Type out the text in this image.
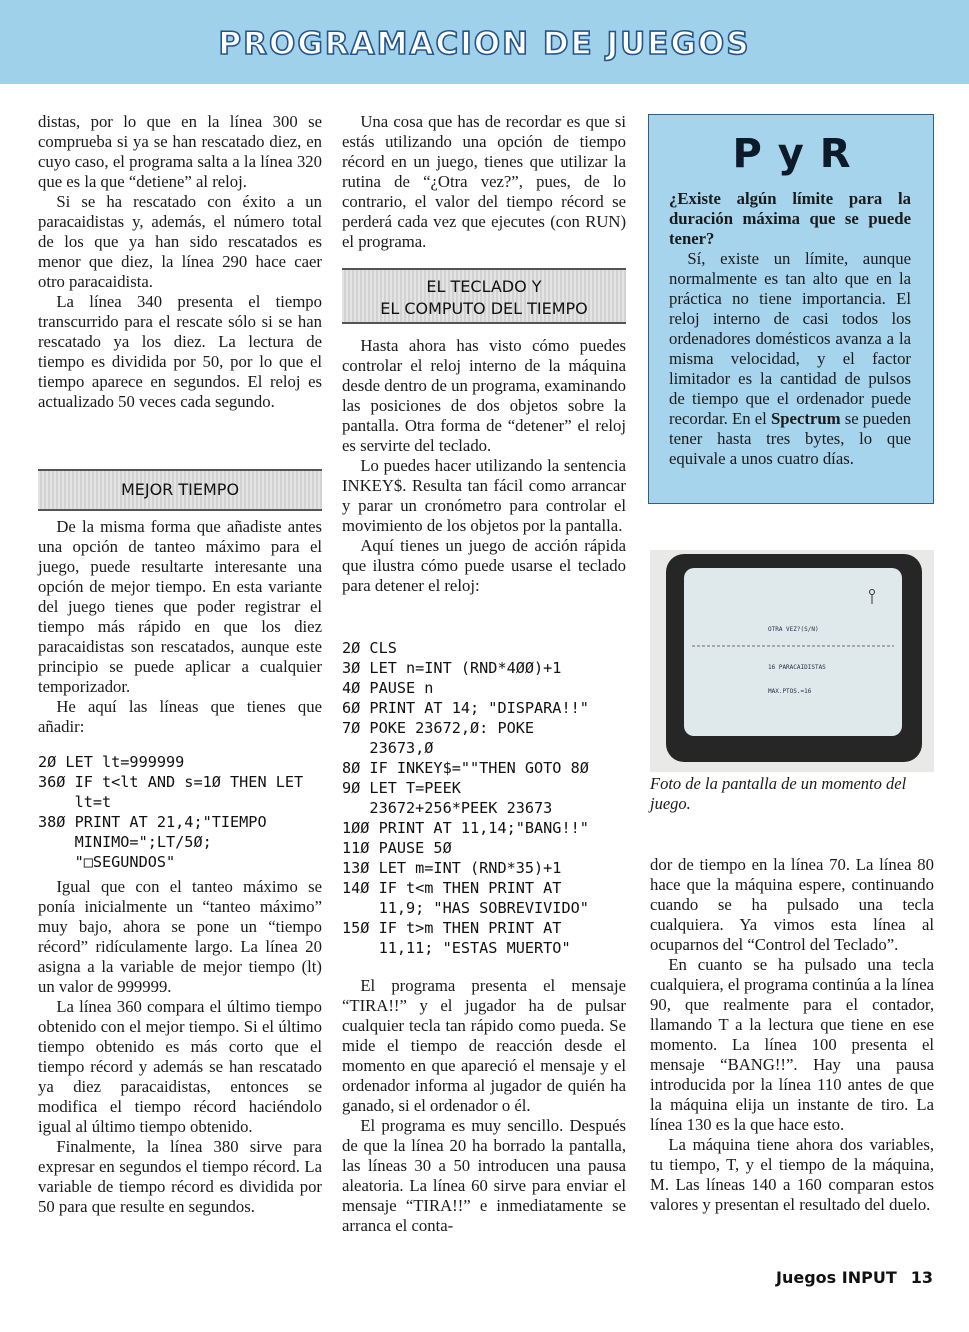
PROGRAMACION DE JUEGOS

distas, por lo que en la línea 300 se comprueba si ya se han rescatado diez, en cuyo caso, el programa salta a la línea 320 que es la que “detiene” al reloj.

Si se ha rescatado con éxito a un paracaidistas y, además, el número total de los que ya han sido rescatados es menor que diez, la línea 290 hace caer otro paracaidista.

La línea 340 presenta el tiempo transcurrido para el rescate sólo si se han rescatado ya los diez. La lectura de tiempo es dividida por 50, por lo que el tiempo aparece en segundos. El reloj es actualizado 50 veces cada segundo.

MEJOR TIEMPO

De la misma forma que añadiste antes una opción de tanteo máximo para el juego, puede resultarte interesante una opción de mejor tiempo. En esta variante del juego tienes que poder registrar el tiempo más rápido en que los diez paracaidistas son rescatados, aunque este principio se puede aplicar a cualquier temporizador.

He aquí las líneas que tienes que añadir:

2Ø LET lt=999999
36Ø IF t<lt AND s=1Ø THEN LET
lt=t
38Ø PRINT AT 21,4;"TIEMPO
MINIMO=";LT/5Ø;
"□SEGUNDOS"

Igual que con el tanteo máximo se ponía inicialmente un “tanteo máximo” muy bajo, ahora se pone un “tiempo récord” ridículamente largo. La línea 20 asigna a la variable de mejor tiempo (lt) un valor de 999999.

La línea 360 compara el último tiempo obtenido con el mejor tiempo. Si el último tiempo obtenido es más corto que el tiempo récord y además se han rescatado ya diez paracaidistas, entonces se modifica el tiempo récord haciéndolo igual al último tiempo obtenido.

Finalmente, la línea 380 sirve para expresar en segundos el tiempo récord. La variable de tiempo récord es dividida por 50 para que resulte en segundos.

Una cosa que has de recordar es que si estás utilizando una opción de tiempo récord en un juego, tienes que utilizar la rutina de “¿Otra vez?”, pues, de lo contrario, el valor del tiempo récord se perderá cada vez que ejecutes (con RUN) el programa.

EL TECLADO Y
EL COMPUTO DEL TIEMPO

Hasta ahora has visto cómo puedes controlar el reloj interno de la máquina desde dentro de un programa, examinando las posiciones de dos objetos sobre la pantalla. Otra forma de “detener” el reloj es servirte del teclado.

Lo puedes hacer utilizando la sentencia INKEY$. Resulta tan fácil como arrancar y parar un cronómetro para controlar el movimiento de los objetos por la pantalla.

Aquí tienes un juego de acción rápida que ilustra cómo puede usarse el teclado para detener el reloj:

2Ø CLS
3Ø LET n=INT (RND*4ØØ)+1
4Ø PAUSE n
6Ø PRINT AT 14; "DISPARA!!"
7Ø POKE 23672,Ø: POKE
23673,Ø
8Ø IF INKEY$=""THEN GOTO 8Ø
9Ø LET T=PEEK
23672+256*PEEK 23673
1ØØ PRINT AT 11,14;"BANG!!"
11Ø PAUSE 5Ø
13Ø LET m=INT (RND*35)+1
14Ø IF t<m THEN PRINT AT
11,9; "HAS SOBREVIVIDO"
15Ø IF t>m THEN PRINT AT
11,11; "ESTAS MUERTO"

El programa presenta el mensaje “TIRA!!” y el jugador ha de pulsar cualquier tecla tan rápido como pueda. Se mide el tiempo de reacción desde el momento en que apareció el mensaje y el ordenador informa al jugador de quién ha ganado, si el ordenador o él.

El programa es muy sencillo. Después de que la línea 20 ha borrado la pantalla, las líneas 30 a 50 introducen una pausa aleatoria. La línea 60 sirve para enviar el mensaje “TIRA!!” e inmediatamente se arranca el conta-

P y R

¿Existe algún límite para la duración máxima que se puede tener?

Sí, existe un límite, aunque normalmente es tan alto que en la práctica no tiene importancia. El reloj interno de casi todos los ordenadores domésticos avanza a la misma velocidad, y el factor limitador es la cantidad de pulsos de tiempo que el ordenador puede recordar. En el Spectrum se pueden tener hasta tres bytes, lo que equivale a unos cuatro días.

OTRA VEZ?(S/N)
16 PARACAIDISTAS
MAX.PTOS.=16
Foto de la pantalla de un momento del juego.

dor de tiempo en la línea 70. La línea 80 hace que la máquina espere, continuando cuando se ha pulsado una tecla cualquiera. Ya vimos esta línea al ocuparnos del “Control del Teclado”.

En cuanto se ha pulsado una tecla cualquiera, el programa continúa a la línea 90, que realmente para el contador, llamando T a la lectura que tiene en ese momento. La línea 100 presenta el mensaje “BANG!!”. Hay una pausa introducida por la línea 110 antes de que la máquina elija un instante de tiro. La línea 130 es la que hace esto.

La máquina tiene ahora dos variables, tu tiempo, T, y el tiempo de la máquina, M. Las líneas 140 a 160 comparan estos valores y presentan el resultado del duelo.

Juegos INPUT 13
